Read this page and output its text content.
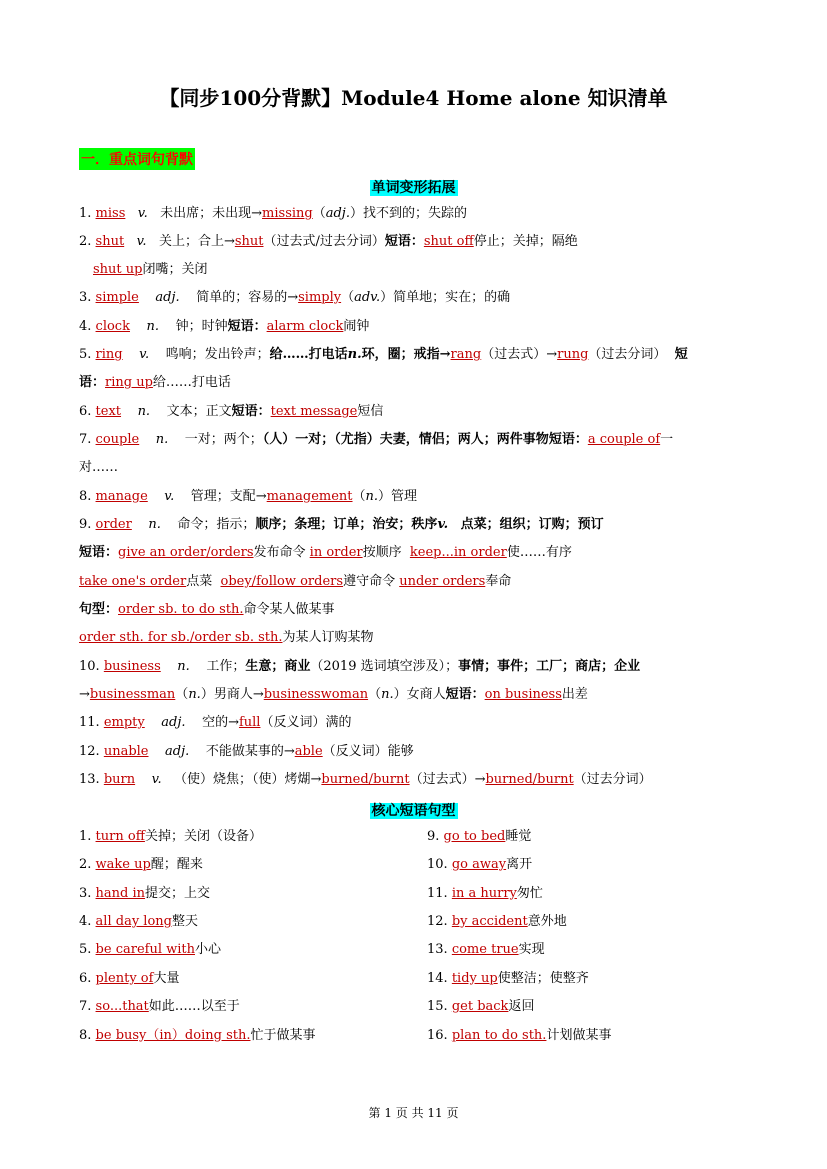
【同步100分背默】Module4 Home alone 知识清单
一．重点词句背默
单词变形拓展
1. miss v. 未出席；未出现→missing（adj.）找不到的；失踪的
2. shut v. 关上；合上→shut（过去式/过去分词）短语：shut off停止；关掉；隔绝
shut up闭嘴；关闭
3. simple adj. 简单的；容易的→simply（adv.）简单地；实在；的确
4. clock n. 钟；时钟短语：alarm clock闹钟
5. ring v. 鸣响；发出铃声；给……打电话n.环，圈；戒指→rang（过去式）→rung（过去分词） 短
语：ring up给……打电话
6. text n. 文本；正文短语：text message短信
7. couple n. 一对；两个；（人）一对；（尤指）夫妻，情侣；两人；两件事物短语：a couple of一
对……
8. manage v. 管理；支配→management（n.）管理
9. order n. 命令；指示；顺序；条理；订单；治安；秩序v. 点菜；组织；订购；预订
短语：give an order/orders发布命令 in order按顺序 keep...in order使……有序
take one's order点菜 obey/follow orders遵守命令 under orders奉命
句型：order sb. to do sth.命令某人做某事
order sth. for sb./order sb. sth.为某人订购某物
10. business n. 工作；生意；商业（2019 选词填空涉及）；事情；事件；工厂；商店；企业
→businessman（n.）男商人→businesswoman（n.）女商人短语：on business出差
11. empty adj. 空的→full（反义词）满的
12. unable adj. 不能做某事的→able（反义词）能够
13. burn v. （使）烧焦；（使）烤煳→burned/burnt（过去式）→burned/burnt（过去分词）
核心短语句型
1. turn off关掉；关闭（设备）
2. wake up醒；醒来
3. hand in提交；上交
4. all day long整天
5. be careful with小心
6. plenty of大量
7. so...that如此……以至于
8. be busy（in）doing sth.忙于做某事
9. go to bed睡觉
10. go away离开
11. in a hurry匆忙
12. by accident意外地
13. come true实现
14. tidy up使整洁；使整齐
15. get back返回
16. plan to do sth.计划做某事
第 1 页 共 11 页
